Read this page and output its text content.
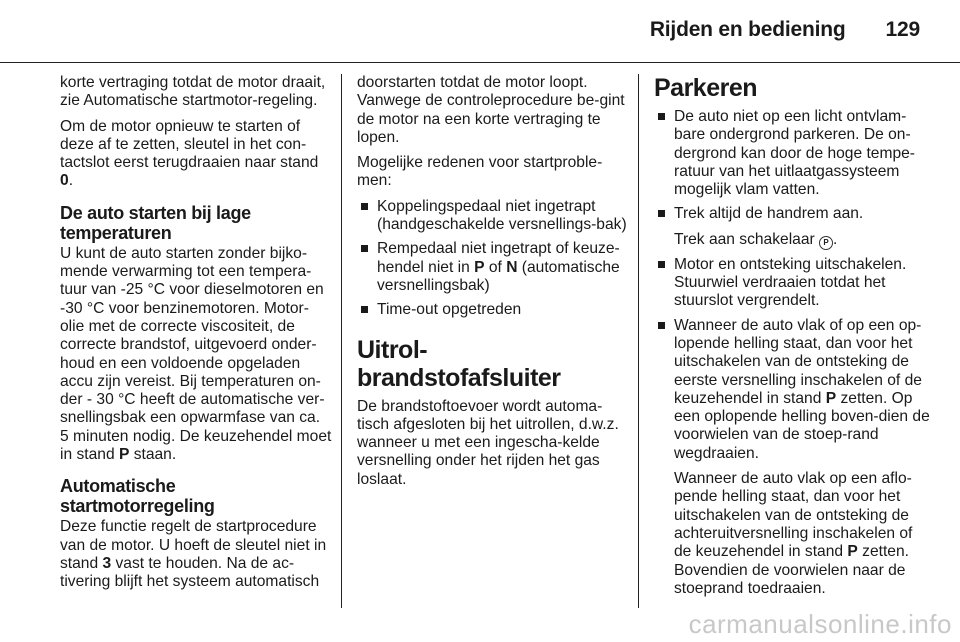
Rijden en bediening 129

korte vertraging totdat de motor draait, zie Automatische startmotor-regeling.

Om de motor opnieuw te starten of deze af te zetten, sleutel in het con-tactslot eerst terugdraaien naar stand 0.

De auto starten bij lage temperaturen

U kunt de auto starten zonder bijko-mende verwarming tot een tempera-tuur van -25 °C voor dieselmotoren en -30 °C voor benzinemotoren. Motor-olie met de correcte viscositeit, de correcte brandstof, uitgevoerd onder-houd en een voldoende opgeladen accu zijn vereist. Bij temperaturen on-der - 30 °C heeft de automatische ver-snellingsbak een opwarmfase van ca. 5 minuten nodig. De keuzehendel moet in stand P staan.

Automatische startmotorregeling

Deze functie regelt de startprocedure van de motor. U hoeft de sleutel niet in stand 3 vast te houden. Na de ac-tivering blijft het systeem automatisch

doorstarten totdat de motor loopt. Vanwege de controleprocedure be-gint de motor na een korte vertraging te lopen.

Mogelijke redenen voor startproble-men:

Koppelingspedaal niet ingetrapt (handgeschakelde versnellings-bak)
Rempedaal niet ingetrapt of keuze-hendel niet in P of N (automatische versnellingsbak)
Time-out opgetreden
Uitrol-brandstofafsluiter

De brandstoftoevoer wordt automa-tisch afgesloten bij het uitrollen, d.w.z. wanneer u met een ingescha-kelde versnelling onder het rijden het gas loslaat.

Parkeren
De auto niet op een licht ontvlam-bare ondergrond parkeren. De on-dergrond kan door de hoge tempe-ratuur van het uitlaatgassysteem mogelijk vlam vatten.
Trek altijd de handrem aan.
Trek aan schakelaar P .
Motor en ontsteking uitschakelen. Stuurwiel verdraaien totdat het stuurslot vergrendelt.
Wanneer de auto vlak of op een op-lopende helling staat, dan voor het uitschakelen van de ontsteking de eerste versnelling inschakelen of de keuzehendel in stand P zetten. Op een oplopende helling boven-dien de voorwielen van de stoep-rand wegdraaien.

Wanneer de auto vlak op een aflo-pende helling staat, dan voor het uitschakelen van de ontsteking de achteruitversnelling inschakelen of de keuzehendel in stand P zetten. Bovendien de voorwielen naar de stoeprand toedraaien.

carmanualsonline.info
